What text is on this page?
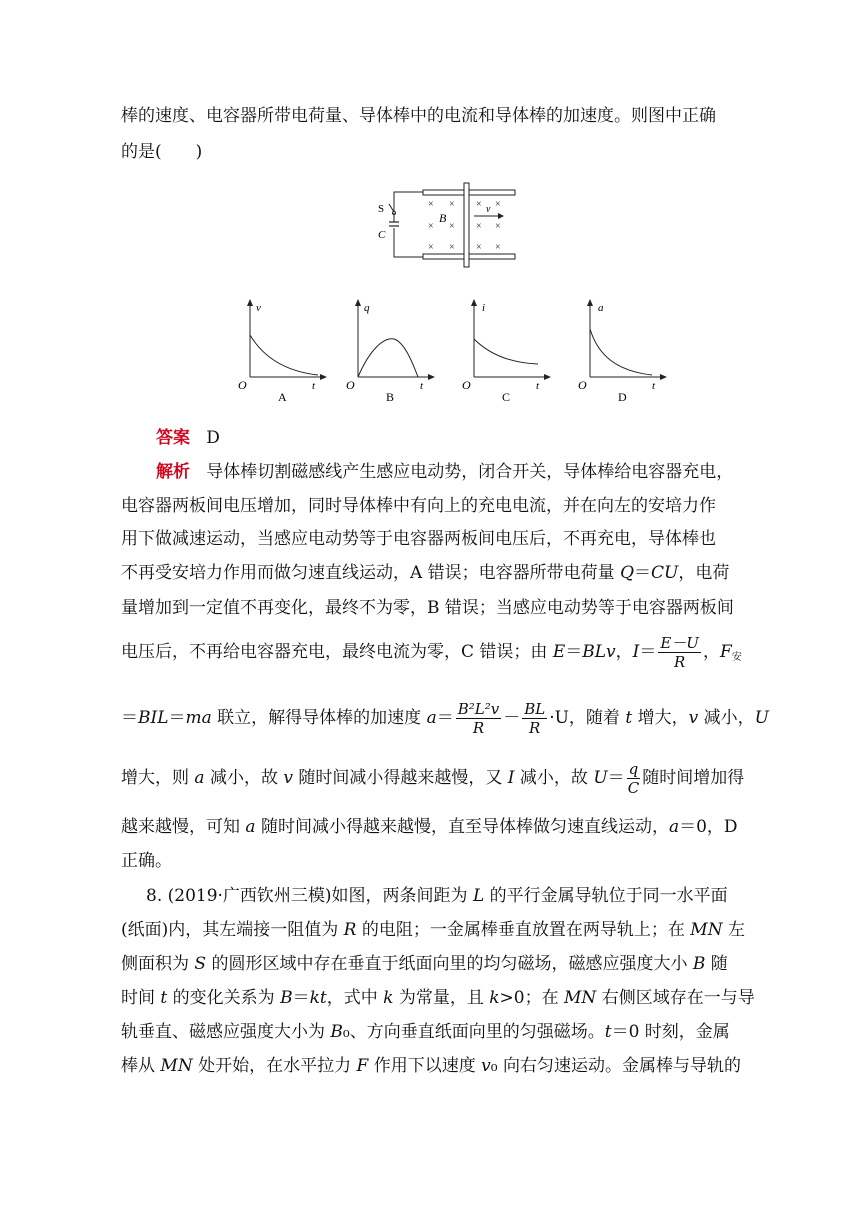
棒的速度、电容器所带电荷量、导体棒中的电流和导体棒的加速度。则图中正确
的是(　　)
× × × ×
× × × ×
× × × ×
v
B
S
C
v
t
O
A
q
t
O
B
i
t
O
C
a
t
O
D
答案 D
解析 导体棒切割磁感线产生感应电动势，闭合开关，导体棒给电容器充电，
电容器两板间电压增加，同时导体棒中有向上的充电电流，并在向左的安培力作
用下做减速运动，当感应电动势等于电容器两板间电压后，不再充电，导体棒也
不再受安培力作用而做匀速直线运动，A 错误；电容器所带电荷量 Q＝CU，电荷
量增加到一定值不再变化，最终不为零，B 错误；当感应电动势等于电容器两板间
电压后，不再给电容器充电，最终电流为零，C 错误；由 E＝BLv，$I= \frac{E-U}{R}$ ，$F_安$
＝BIL＝ma 联立，解得导体棒的加速度 $a= \frac{\text{B²L²v}}{R} - \frac{BL}{R} \cdot U$，随着 t 增大，v 减小，U
增大，则 a 减小，故 v 随时间减小得越来越慢，又 I 减小，故 $U= \frac{q}{C}$ 随时间增加得
越来越慢，可知 a 随时间减小得越来越慢，直至导体棒做匀速直线运动，a＝0，D
正确。
8. (2019·广西钦州三模)如图，两条间距为 L 的平行金属导轨位于同一水平面
(纸面)内，其左端接一阻值为 R 的电阻；一金属棒垂直放置在两导轨上；在 MN 左
侧面积为 S 的圆形区域中存在垂直于纸面向里的均匀磁场，磁感应强度大小 B 随
时间 t 的变化关系为 B＝kt，式中 k 为常量，且 k>0；在 MN 右侧区域存在一与导
轨垂直、磁感应强度大小为 B₀、方向垂直纸面向里的匀强磁场。t＝0 时刻，金属
棒从 MN 处开始，在水平拉力 F 作用下以速度 v₀ 向右匀速运动。金属棒与导轨的
